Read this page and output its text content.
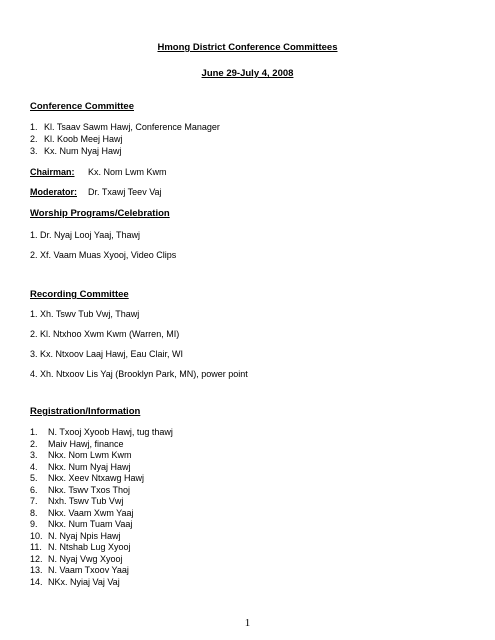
Hmong District Conference Committees
June 29-July 4, 2008
Conference Committee
1. Kl. Tsaav Sawm Hawj, Conference Manager
2. Kl. Koob Meej Hawj
3. Kx. Num Nyaj Hawj
Chairman: Kx. Nom Lwm Kwm
Moderator: Dr. Txawj Teev Vaj
Worship Programs/Celebration
1. Dr. Nyaj Looj Yaaj, Thawj
2. Xf. Vaam Muas Xyooj, Video Clips
Recording Committee
1. Xh. Tswv Tub Vwj, Thawj
2. Kl. Ntxhoo Xwm Kwm (Warren, MI)
3. Kx. Ntxoov Laaj Hawj, Eau Clair, WI
4. Xh. Ntxoov Lis Yaj (Brooklyn Park, MN), power point
Registration/Information
1. N. Txooj Xyoob Hawj, tug thawj
2. Maiv Hawj, finance
3. Nkx. Nom Lwm Kwm
4. Nkx. Num Nyaj Hawj
5. Nkx. Xeev Ntxawg Hawj
6. Nkx. Tswv Txos Thoj
7. Nxh. Tswv Tub Vwj
8. Nkx. Vaam Xwm Yaaj
9. Nkx. Num Tuam Vaaj
10. N. Nyaj Npis Hawj
11. N. Ntshab Lug Xyooj
12. N. Nyaj Vwg Xyooj
13. N. Vaam Txoov Yaaj
14. NKx. Nyiaj Vaj Vaj
1
